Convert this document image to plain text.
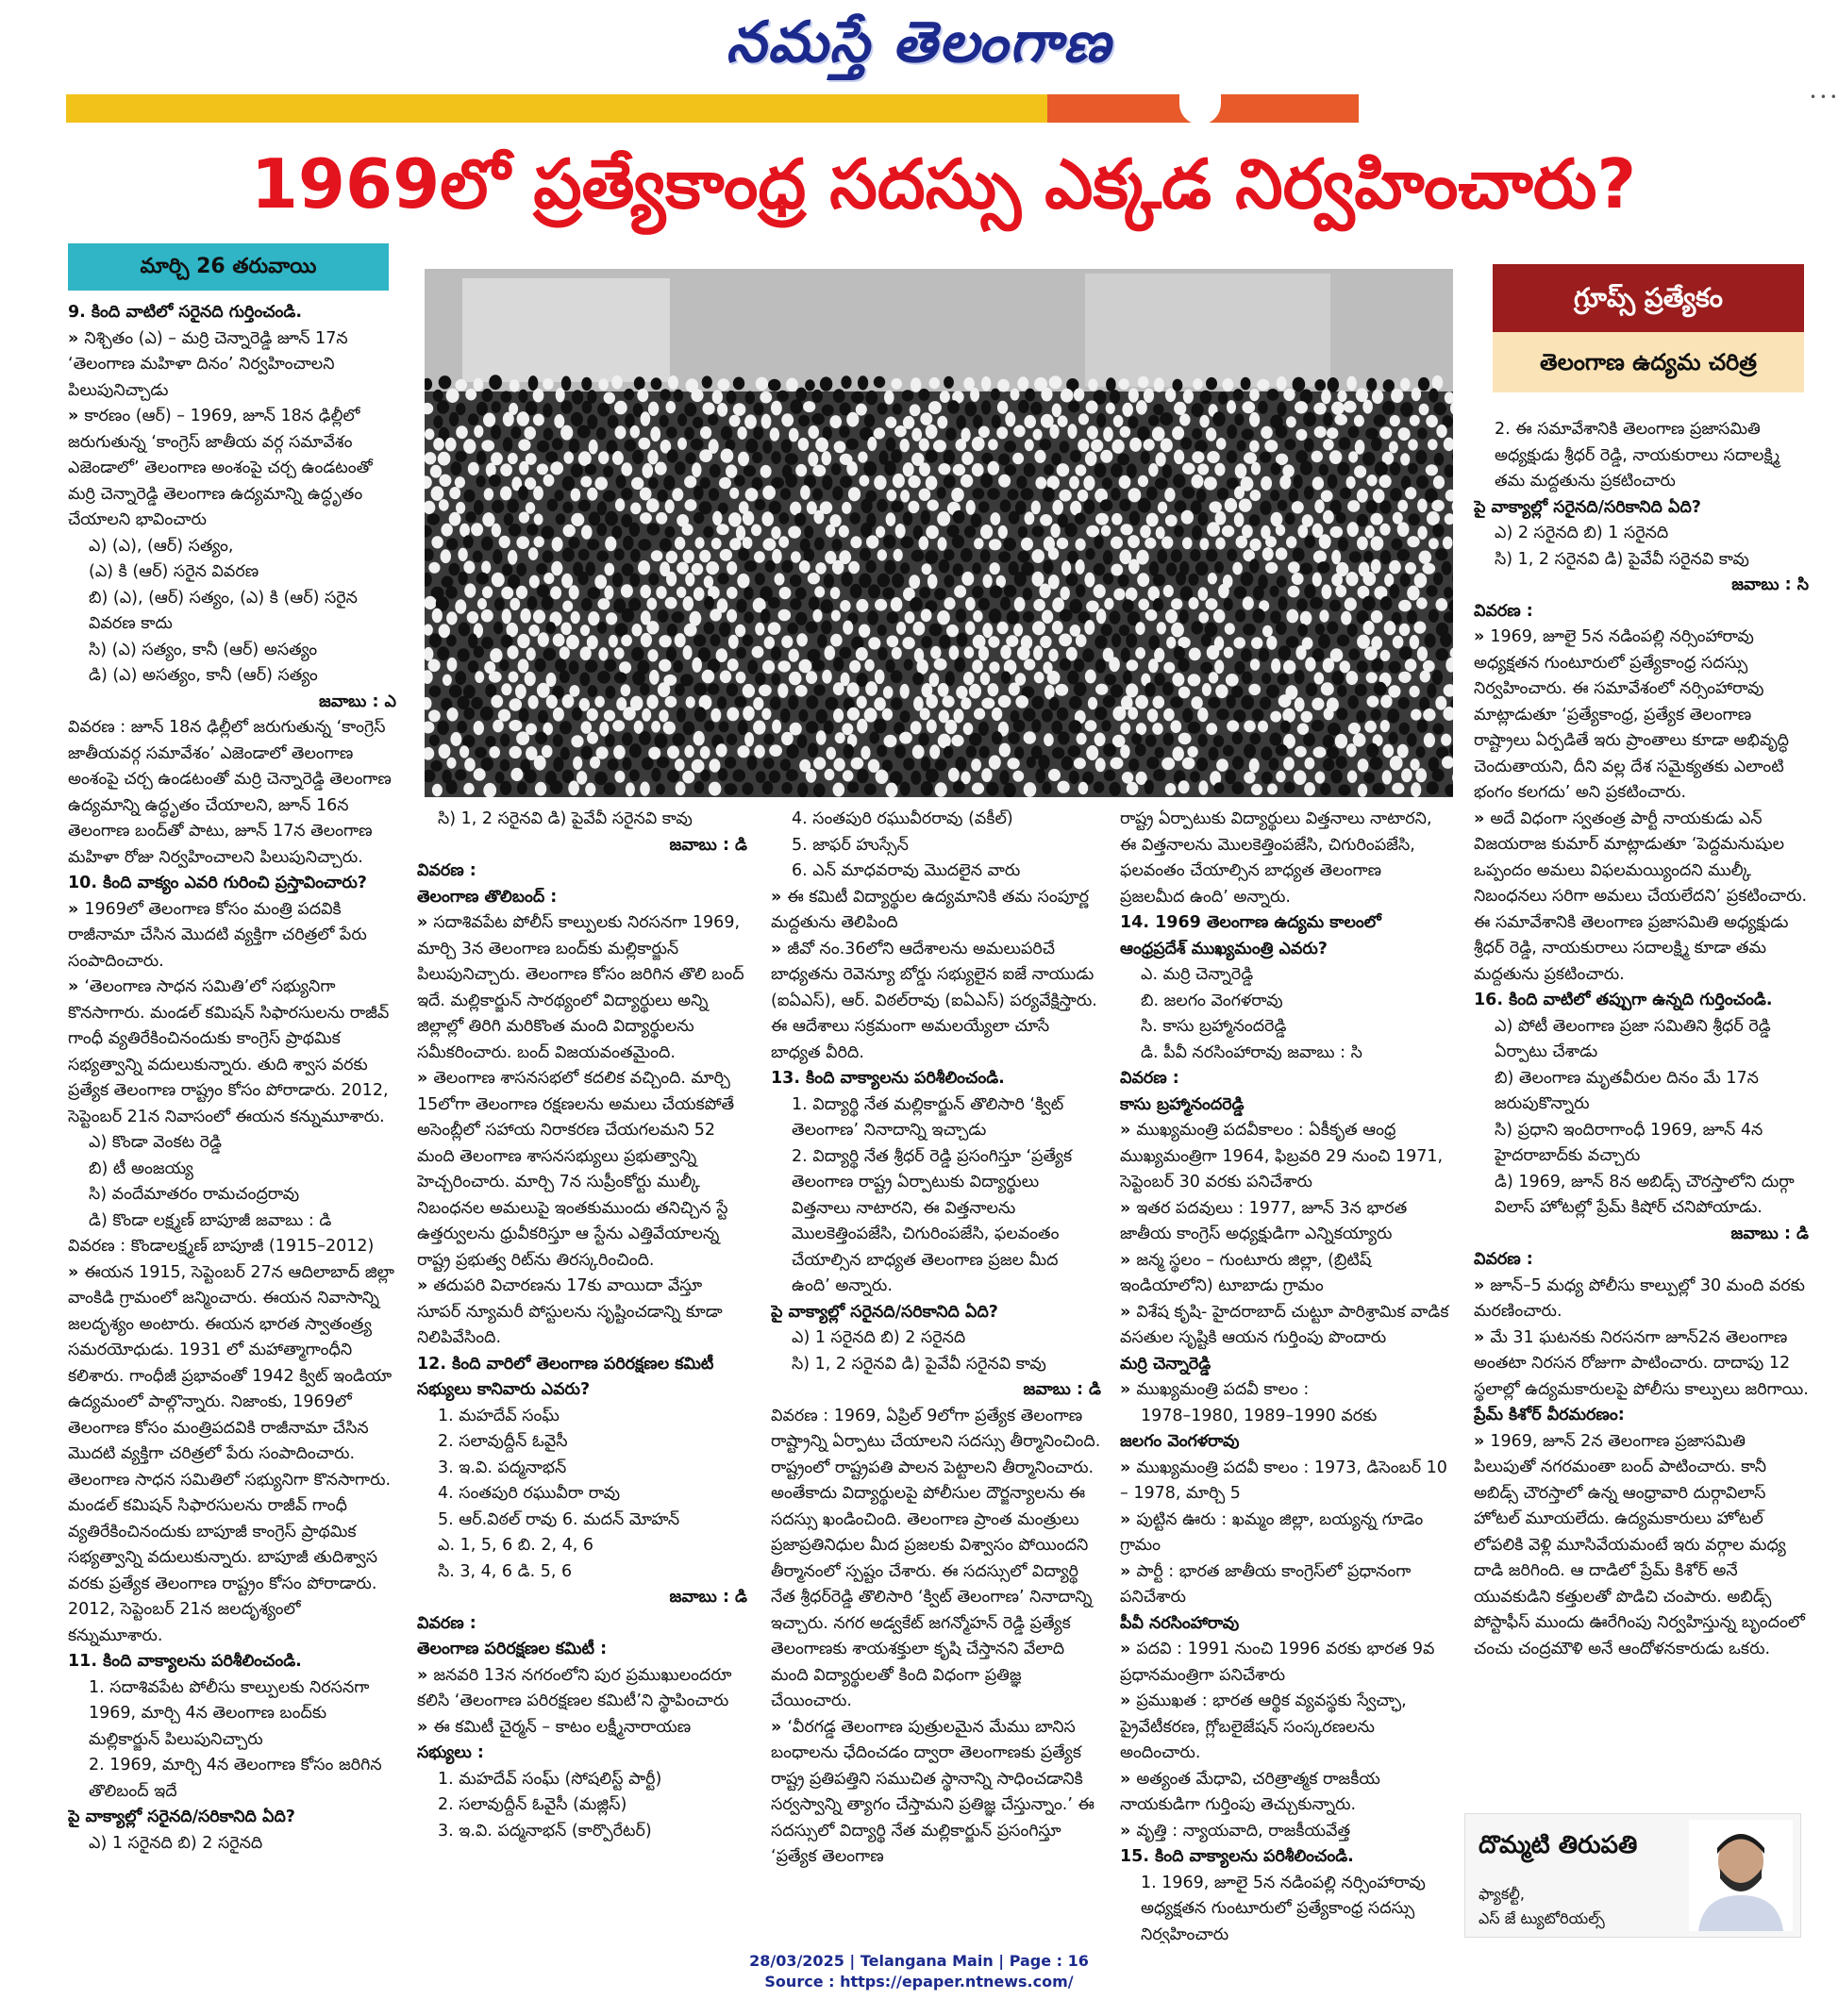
నమస్తే తెలంగాణ
• • •
1969లో ప్రత్యేకాంధ్ర సదస్సు ఎక్కడ నిర్వహించారు?
మార్చి 26 తరువాయి

9. కింది వాటిలో సరైనది గుర్తించండి.

» నిశ్చితం (ఎ) – మర్రి చెన్నారెడ్డి జూన్ 17న ‘తెలంగాణ మహిళా దినం’ నిర్వహించాలని పిలుపునిచ్చాడు

» కారణం (ఆర్) – 1969, జూన్ 18న ఢిల్లీలో జరుగుతున్న ‘కాంగ్రెస్ జాతీయ వర్గ సమావేశం ఎజెండాలో’ తెలంగాణ అంశంపై చర్చ ఉండటంతో మర్రి చెన్నారెడ్డి తెలంగాణ ఉద్యమాన్ని ఉద్ధృతం చేయాలని భావించారు

ఎ) (ఎ), (ఆర్) సత్యం,

(ఎ) కి (ఆర్) సరైన వివరణ

బి) (ఎ), (ఆర్) సత్యం, (ఎ) కి (ఆర్) సరైన వివరణ కాదు

సి) (ఎ) సత్యం, కానీ (ఆర్) అసత్యం

డి) (ఎ) అసత్యం, కానీ (ఆర్) సత్యం

జవాబు : ఎ

వివరణ : జూన్ 18న ఢిల్లీలో జరుగుతున్న ‘కాంగ్రెస్ జాతీయవర్గ సమావేశం’ ఎజెండాలో తెలంగాణ అంశంపై చర్చ ఉండటంతో మర్రి చెన్నారెడ్డి తెలంగాణ ఉద్యమాన్ని ఉద్ధృతం చేయాలని, జూన్ 16న తెలంగాణ బంద్‌తో పాటు, జూన్ 17న తెలంగాణ మహిళా రోజు నిర్వహించాలని పిలుపునిచ్చారు.

10. కింది వాక్యం ఎవరి గురించి ప్రస్తావించారు?

» 1969లో తెలంగాణ కోసం మంత్రి పదవికి రాజీనామా చేసిన మొదటి వ్యక్తిగా చరిత్రలో పేరు సంపాదించారు.

» ‘తెలంగాణ సాధన సమితి’లో సభ్యునిగా కొనసాగారు. మండల్ కమిషన్ సిఫారసులను రాజీవ్ గాంధీ వ్యతిరేకించినందుకు కాంగ్రెస్ ప్రాథమిక సభ్యత్వాన్ని వదులుకున్నారు. తుది శ్వాస వరకు ప్రత్యేక తెలంగాణ రాష్ట్రం కోసం పోరాడారు. 2012, సెప్టెంబర్ 21న నివాసంలో ఈయన కన్నుమూశారు.

ఎ) కొండా వెంకట రెడ్డి

బి) టీ అంజయ్య

సి) వందేమాతరం రామచంద్రరావు

డి) కొండా లక్ష్మణ్ బాపూజీ జవాబు : డి

వివరణ : కొండాలక్ష్మణ్ బాపూజీ (1915–2012)

» ఈయన 1915, సెప్టెంబర్ 27న ఆదిలాబాద్ జిల్లా వాంకిడి గ్రామంలో జన్మించారు. ఈయన నివాసాన్ని జలదృశ్యం అంటారు. ఈయన భారత స్వాతంత్ర్య సమరయోధుడు. 1931 లో మహాత్మాగాంధీని కలిశారు. గాంధీజీ ప్రభావంతో 1942 క్విట్ ఇండియా ఉద్యమంలో పాల్గొన్నారు. నిజాంకు, 1969లో తెలంగాణ కోసం మంత్రిపదవికి రాజీనామా చేసిన మొదటి వ్యక్తిగా చరిత్రలో పేరు సంపాదించారు. తెలంగాణ సాధన సమితిలో సభ్యునిగా కొనసాగారు. మండల్ కమిషన్ సిఫారసులను రాజీవ్ గాంధీ వ్యతిరేకించినందుకు బాపూజీ కాంగ్రెస్ ప్రాథమిక సభ్యత్వాన్ని వదులుకున్నారు. బాపూజీ తుదిశ్వాస వరకు ప్రత్యేక తెలంగాణ రాష్ట్రం కోసం పోరాడారు. 2012, సెప్టెంబర్ 21న జలదృశ్యంలో కన్నుమూశారు.

11. కింది వాక్యాలను పరిశీలించండి.

1. సదాశివపేట పోలీసు కాల్పులకు నిరసనగా 1969, మార్చి 4న తెలంగాణ బంద్‌కు మల్లికార్జున్ పిలుపునిచ్చారు

2. 1969, మార్చి 4న తెలంగాణ కోసం జరిగిన తొలిబంద్ ఇదే

పై వాక్యాల్లో సరైనది/సరికానిది ఏది?

ఎ) 1 సరైనది బి) 2 సరైనది

సి) 1, 2 సరైనవి డి) పైవేవీ సరైనవి కావు

జవాబు : డి

వివరణ :

తెలంగాణ తొలిబంద్ :

» సదాశివపేట పోలీస్ కాల్పులకు నిరసనగా 1969, మార్చి 3న తెలంగాణ బంద్‌కు మల్లికార్జున్ పిలుపునిచ్చారు. తెలంగాణ కోసం జరిగిన తొలి బంద్ ఇదే. మల్లికార్జున్ సారథ్యంలో విద్యార్థులు అన్ని జిల్లాల్లో తిరిగి మరికొంత మంది విద్యార్థులను సమీకరించారు. బంద్ విజయవంతమైంది.

» తెలంగాణ శాసనసభలో కదలిక వచ్చింది. మార్చి 15లోగా తెలంగాణ రక్షణలను అమలు చేయకపోతే అసెంబ్లీలో సహాయ నిరాకరణ చేయగలమని 52 మంది తెలంగాణ శాసనసభ్యులు ప్రభుత్వాన్ని హెచ్చరించారు. మార్చి 7న సుప్రీంకోర్టు ముల్కీ నిబంధనల అమలుపై ఇంతకుముందు తనిచ్చిన స్టే ఉత్తర్వులను ధ్రువీకరిస్తూ ఆ స్టేను ఎత్తివేయాలన్న రాష్ట్ర ప్రభుత్వ రిట్‌ను తిరస్కరించింది.

» తదుపరి విచారణను 17కు వాయిదా వేస్తూ సూపర్ న్యూమరీ పోస్టులను సృష్టించడాన్ని కూడా నిలిపివేసింది.

12. కింది వారిలో తెలంగాణ పరిరక్షణల కమిటీ సభ్యులు కానివారు ఎవరు?

1. మహదేవ్ సంఘ్

2. సలావుద్దీన్ ఓవైసీ

3. ఇ.వి. పద్మనాభన్

4. సంతపురి రఘువీరా రావు

5. ఆర్.విఠల్ రావు 6. మదన్ మోహన్

ఎ. 1, 5, 6 బి. 2, 4, 6

సి. 3, 4, 6 డి. 5, 6

జవాబు : డి

వివరణ :

తెలంగాణ పరిరక్షణల కమిటీ :

» జనవరి 13న నగరంలోని పుర ప్రముఖులందరూ కలిసి ‘తెలంగాణ పరిరక్షణల కమిటీ’ని స్థాపించారు

» ఈ కమిటీ చైర్మన్ – కాటం లక్ష్మీనారాయణ

సభ్యులు :

1. మహదేవ్ సంఘ్ (సోషలిస్ట్ పార్టీ)

2. సలావుద్దీన్ ఓవైసీ (మజ్లిస్)

3. ఇ.వి. పద్మనాభన్ (కార్పొరేటర్)

4. సంతపురి రఘువీరరావు (వకీల్)

5. జాఫర్ హుస్సేన్

6. ఎన్ మాధవరావు మొదలైన వారు

» ఈ కమిటీ విద్యార్థుల ఉద్యమానికి తమ సంపూర్ణ మద్దతును తెలిపింది

» జీవో నం.36లోని ఆదేశాలను అమలుపరిచే బాధ్యతను రెవెన్యూ బోర్డు సభ్యులైన ఐజే నాయుడు (ఐఏఎస్), ఆర్. విఠల్‌రావు (ఐఏఎస్) పర్యవేక్షిస్తారు. ఈ ఆదేశాలు సక్రమంగా అమలయ్యేలా చూసే బాధ్యత వీరిది.

13. కింది వాక్యాలను పరిశీలించండి.

1. విద్యార్థి నేత మల్లికార్జున్ తొలిసారి ‘క్విట్ తెలంగాణ’ నినాదాన్ని ఇచ్చాడు

2. విద్యార్థి నేత శ్రీధర్ రెడ్డి ప్రసంగిస్తూ ‘ప్రత్యేక తెలంగాణ రాష్ట్ర ఏర్పాటుకు విద్యార్థులు విత్తనాలు నాటారని, ఈ విత్తనాలను మొలకెత్తింపజేసి, చిగురింపజేసి, ఫలవంతం చేయాల్సిన బాధ్యత తెలంగాణ ప్రజల మీద ఉంది’ అన్నారు.

పై వాక్యాల్లో సరైనది/సరికానిది ఏది?

ఎ) 1 సరైనది బి) 2 సరైనది

సి) 1, 2 సరైనవి డి) పైవేవీ సరైనవి కావు

జవాబు : డి

వివరణ : 1969, ఏప్రిల్ 9లోగా ప్రత్యేక తెలంగాణ రాష్ట్రాన్ని ఏర్పాటు చేయాలని సదస్సు తీర్మానించింది. రాష్ట్రంలో రాష్ట్రపతి పాలన పెట్టాలని తీర్మానించారు. అంతేకాదు విద్యార్థులపై పోలీసుల దౌర్జన్యాలను ఈ సదస్సు ఖండించింది. తెలంగాణ ప్రాంత మంత్రులు ప్రజాప్రతినిధుల మీద ప్రజలకు విశ్వాసం పోయిందని తీర్మానంలో స్పష్టం చేశారు. ఈ సదస్సులో విద్యార్థి నేత శ్రీధర్‌రెడ్డి తొలిసారి ‘క్విట్ తెలంగాణ’ నినాదాన్ని ఇచ్చారు. నగర అడ్వకేట్ జగన్మోహన్ రెడ్డి ప్రత్యేక తెలంగాణకు శాయశక్తులా కృషి చేస్తానని వేలాది మంది విద్యార్థులతో కింది విధంగా ప్రతిజ్ఞ చేయించారు.

» ‘వీరగడ్డ తెలంగాణ పుత్రులమైన మేము బానిస బంధాలను ఛేదించడం ద్వారా తెలంగాణకు ప్రత్యేక రాష్ట్ర ప్రతిపత్తిని సముచిత స్థానాన్ని సాధించడానికి సర్వస్వాన్ని త్యాగం చేస్తామని ప్రతిజ్ఞ చేస్తున్నాం.’ ఈ సదస్సులో విద్యార్థి నేత మల్లికార్జున్ ప్రసంగిస్తూ ‘ప్రత్యేక తెలంగాణ

రాష్ట్ర ఏర్పాటుకు విద్యార్థులు విత్తనాలు నాటారని, ఈ విత్తనాలను మొలకెత్తింపజేసి, చిగురింపజేసి, ఫలవంతం చేయాల్సిన బాధ్యత తెలంగాణ ప్రజలమీద ఉంది’ అన్నారు.

14. 1969 తెలంగాణ ఉద్యమ కాలంలో ఆంధ్రప్రదేశ్ ముఖ్యమంత్రి ఎవరు?

ఎ. మర్రి చెన్నారెడ్డి

బి. జలగం వెంగళరావు

సి. కాసు బ్రహ్మానందరెడ్డి

డి. పీవీ నరసింహారావు జవాబు : సి

వివరణ :

కాసు బ్రహ్మానందరెడ్డి

» ముఖ్యమంత్రి పదవీకాలం : ఏకీకృత ఆంధ్ర ముఖ్యమంత్రిగా 1964, ఫిబ్రవరి 29 నుంచి 1971, సెప్టెంబర్ 30 వరకు పనిచేశారు

» ఇతర పదవులు : 1977, జూన్ 3న భారత జాతీయ కాంగ్రెస్ అధ్యక్షుడిగా ఎన్నికయ్యారు

» జన్మ స్థలం – గుంటూరు జిల్లా, (బ్రిటిష్ ఇండియాలోని) టూబాడు గ్రామం

» విశేష కృషి- హైదరాబాద్ చుట్టూ పారిశ్రామిక వాడిక వసతుల సృష్టికి ఆయన గుర్తింపు పొందారు

మర్రి చెన్నారెడ్డి

» ముఖ్యమంత్రి పదవీ కాలం :

1978–1980, 1989–1990 వరకు

జలగం వెంగళరావు

» ముఖ్యమంత్రి పదవీ కాలం : 1973, డిసెంబర్ 10 – 1978, మార్చి 5

» పుట్టిన ఊరు : ఖమ్మం జిల్లా, బయ్యన్న గూడెం గ్రామం

» పార్టీ : భారత జాతీయ కాంగ్రెస్‌లో ప్రధానంగా పనిచేశారు

పీవీ నరసింహారావు

» పదవి : 1991 నుంచి 1996 వరకు భారత 9వ ప్రధానమంత్రిగా పనిచేశారు

» ప్రముఖత : భారత ఆర్థిక వ్యవస్థకు స్వేచ్ఛా, ప్రైవేటీకరణ, గ్లోబలైజేషన్ సంస్కరణలను అందించారు.

» అత్యంత మేధావి, చరిత్రాత్మక రాజకీయ నాయకుడిగా గుర్తింపు తెచ్చుకున్నారు.

» వృత్తి : న్యాయవాది, రాజకీయవేత్త

15. కింది వాక్యాలను పరిశీలించండి.

1. 1969, జూలై 5న నడింపల్లి నర్సింహారావు అధ్యక్షతన గుంటూరులో ప్రత్యేకాంధ్ర సదస్సు నిర్వహించారు

2. ఈ సమావేశానికి తెలంగాణ ప్రజాసమితి అధ్యక్షుడు శ్రీధర్ రెడ్డి, నాయకురాలు సదాలక్ష్మి తమ మద్దతును ప్రకటించారు

పై వాక్యాల్లో సరైనది/సరికానిది ఏది?

ఎ) 2 సరైనది బి) 1 సరైనది

సి) 1, 2 సరైనవి డి) పైవేవీ సరైనవి కావు

జవాబు : సి

వివరణ :

» 1969, జూలై 5న నడింపల్లి నర్సింహారావు అధ్యక్షతన గుంటూరులో ప్రత్యేకాంధ్ర సదస్సు నిర్వహించారు. ఈ సమావేశంలో నర్సింహారావు మాట్లాడుతూ ‘ప్రత్యేకాంధ్ర, ప్రత్యేక తెలంగాణ రాష్ట్రాలు ఏర్పడితే ఇరు ప్రాంతాలు కూడా అభివృద్ధి చెందుతాయని, దీని వల్ల దేశ సమైక్యతకు ఎలాంటి భంగం కలగదు’ అని ప్రకటించారు.

» అదే విధంగా స్వతంత్ర పార్టీ నాయకుడు ఎన్ విజయరాజ కుమార్ మాట్లాడుతూ ‘పెద్దమనుషుల ఒప్పందం అమలు విఫలమయ్యిందని ముల్కీ నిబంధనలు సరిగా అమలు చేయలేదని’ ప్రకటించారు. ఈ సమావేశానికి తెలంగాణ ప్రజాసమితి అధ్యక్షుడు శ్రీధర్ రెడ్డి, నాయకురాలు సదాలక్ష్మి కూడా తమ మద్దతును ప్రకటించారు.

16. కింది వాటిలో తప్పుగా ఉన్నది గుర్తించండి.

ఎ) పోటీ తెలంగాణ ప్రజా సమితిని శ్రీధర్ రెడ్డి ఏర్పాటు చేశాడు

బి) తెలంగాణ మృతవీరుల దినం మే 17న జరుపుకొన్నారు

సి) ప్రధాని ఇందిరాగాంధీ 1969, జూన్ 4న హైదరాబాద్‌కు వచ్చారు

డి) 1969, జూన్ 8న అబిడ్స్ చౌరస్తాలోని దుర్గా విలాస్ హోటల్లో ప్రేమ్ కిషోర్ చనిపోయాడు.

జవాబు : డి

వివరణ :

» జూన్–5 మధ్య పోలీసు కాల్పుల్లో 30 మంది వరకు మరణించారు.

» మే 31 ఘటనకు నిరసనగా జూన్2న తెలంగాణ అంతటా నిరసన రోజుగా పాటించారు. దాదాపు 12 స్థలాల్లో ఉద్యమకారులపై పోలీసు కాల్పులు జరిగాయి.

ప్రేమ్ కిశోర్ వీరమరణం:

» 1969, జూన్ 2న తెలంగాణ ప్రజాసమితి పిలుపుతో నగరమంతా బంద్ పాటించారు. కానీ అబిడ్స్ చౌరస్తాలో ఉన్న ఆంధ్రావారి దుర్గావిలాస్ హోటల్ మూయలేదు. ఉద్యమకారులు హోటల్ లోపలికి వెళ్లి మూసివేయమంటే ఇరు వర్గాల మధ్య దాడి జరిగింది. ఆ దాడిలో ప్రేమ్ కిశోర్ అనే యువకుడిని కత్తులతో పొడిచి చంపారు. అబిడ్స్ పోస్టాఫీస్ ముందు ఊరేగింపు నిర్వహిస్తున్న బృందంలో చంచు చంద్రమౌళి అనే ఆందోళనకారుడు ఒకరు.

గ్రూప్స్ ప్రత్యేకం
తెలంగాణ ఉద్యమ చరిత్ర
దొమ్మటి తిరుపతి
ఫ్యాకల్టీ,
ఎస్ జే ట్యుటోరియల్స్
28/03/2025 | Telangana Main | Page : 16
Source : https://epaper.ntnews.com/
